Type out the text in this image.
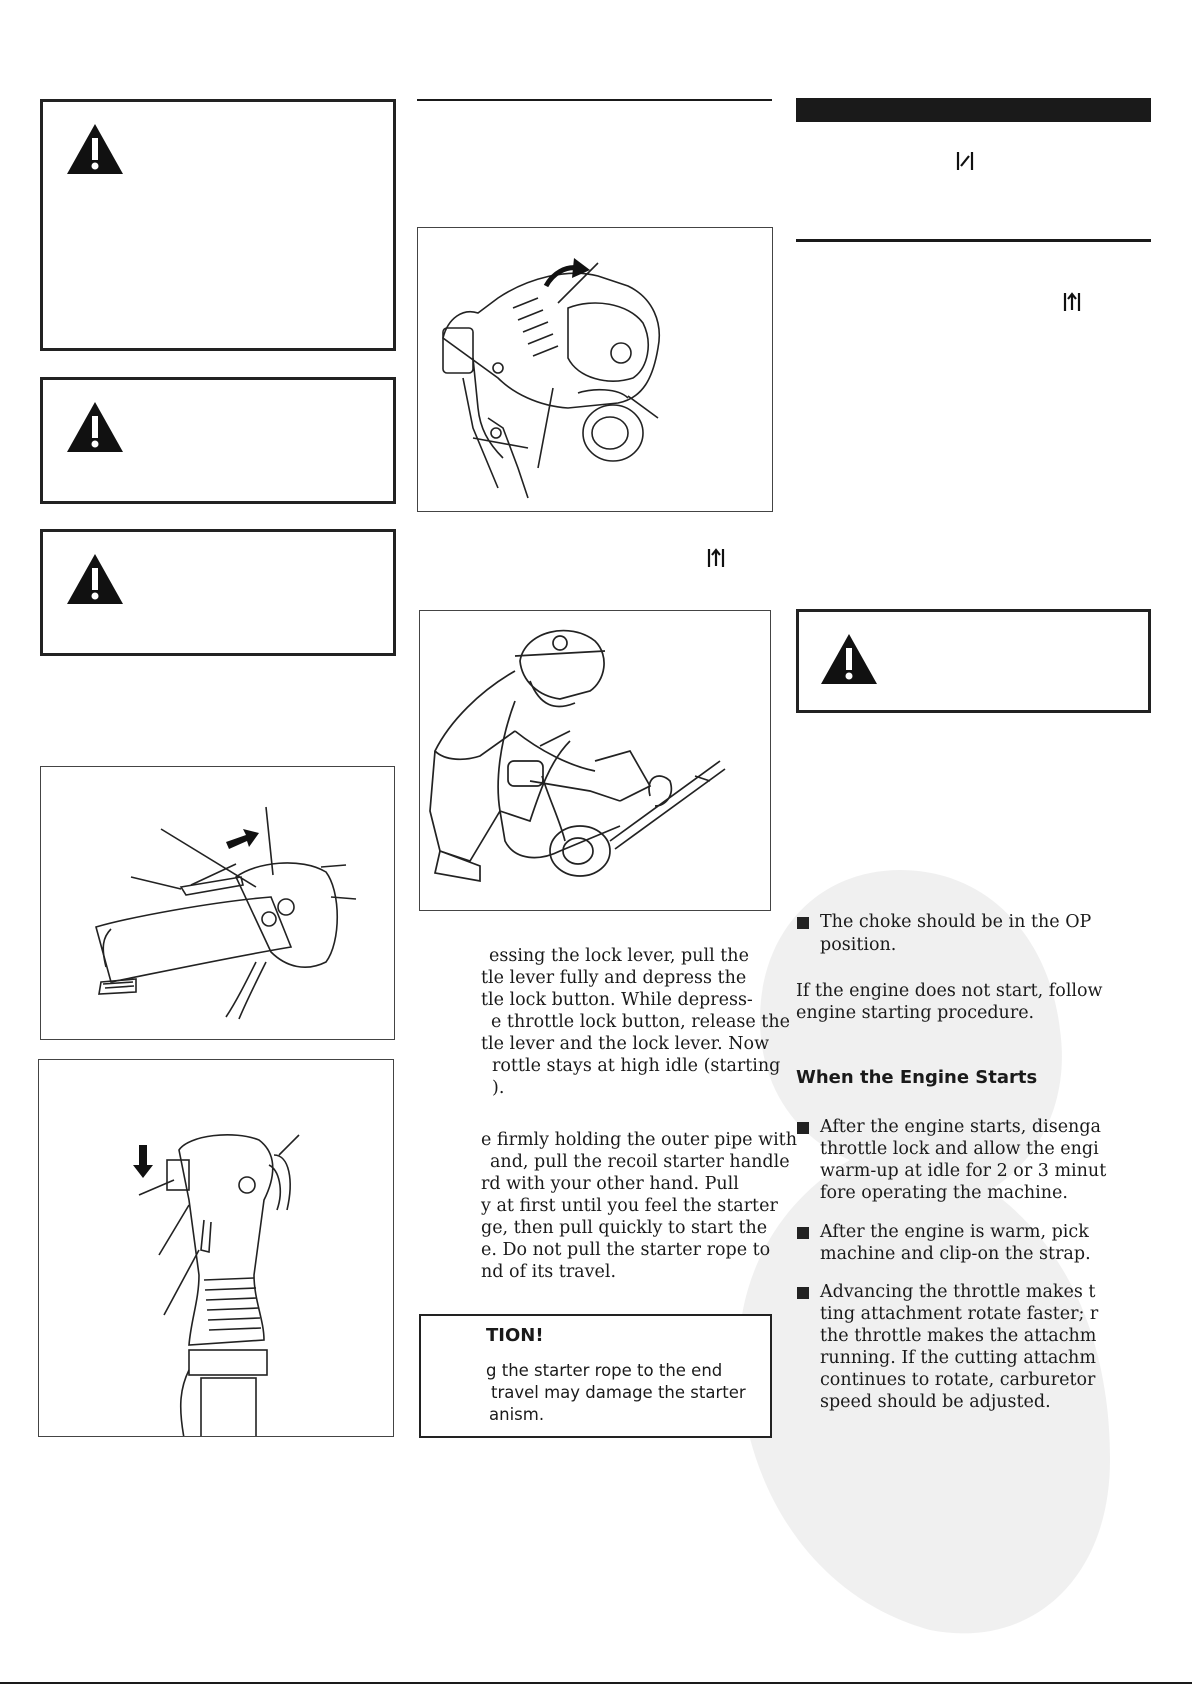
essing the lock lever, pull the
tle lever fully and depress the
tle lock button. While depress-
e throttle lock button, release the
tle lever and the lock lever. Now
rottle stays at high idle (starting
).
e firmly holding the outer pipe with
and, pull the recoil starter handle
rd with your other hand. Pull
y at first until you feel the starter
ge, then pull quickly to start the
e. Do not pull the starter rope to
nd of its travel.
TION!
g the starter rope to the end
travel may damage the starter
anism.
The choke should be in the OP
position.
If the engine does not start, follow
engine starting procedure.
When the Engine Starts
After the engine starts, disenga
throttle lock and allow the engi
warm-up at idle for 2 or 3 minut
fore operating the machine.
After the engine is warm, pick
machine and clip-on the strap.
Advancing the throttle makes t
ting attachment rotate faster; r
the throttle makes the attachm
running. If the cutting attachm
continues to rotate, carburetor
speed should be adjusted.
